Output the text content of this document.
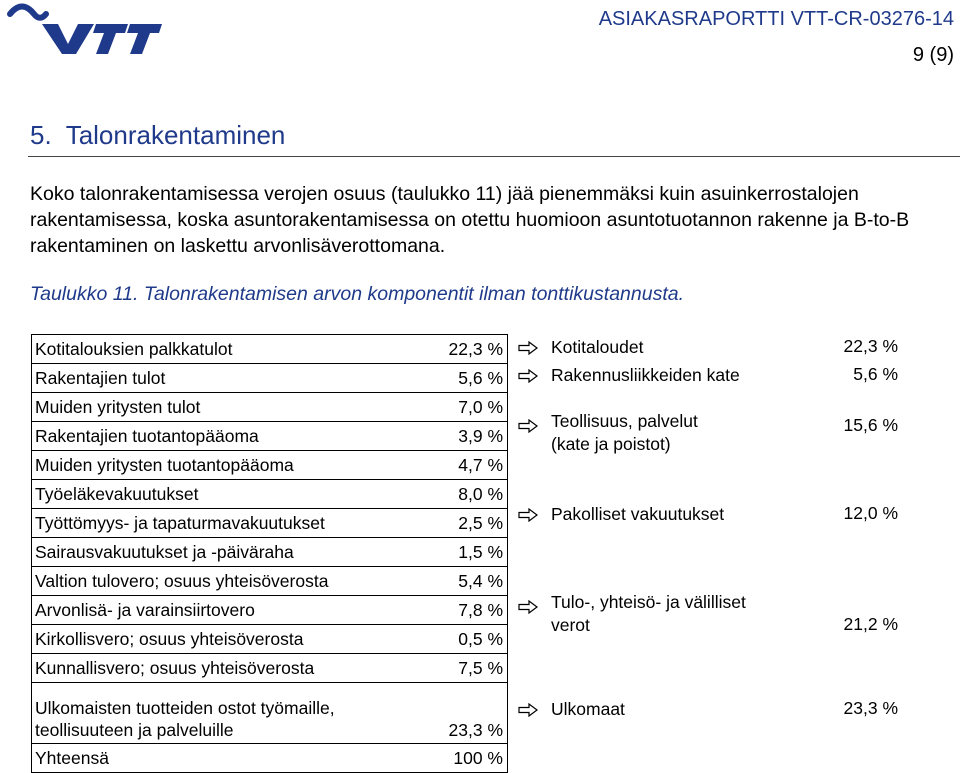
ASIAKASRAPORTTI VTT-CR-03276-14
9 (9)
5. Talonrakentaminen

Koko talonrakentamisessa verojen osuus (taulukko 11) jää pienemmäksi kuin asuinkerrostalojen rakentamisessa, koska asuntorakentamisessa on otettu huomioon asuntotuotannon rakenne ja B-to-B rakentaminen on laskettu arvonlisäverottomana.

Taulukko 11. Talonrakentamisen arvon komponentit ilman tonttikustannusta.

Kotitalouksien palkkatulot	22,3 %
Rakentajien tulot	5,6 %
Muiden yritysten tulot	7,0 %
Rakentajien tuotantopääoma	3,9 %
Muiden yritysten tuotantopääoma	4,7 %
Työeläkevakuutukset	8,0 %
Työttömyys- ja tapaturmavakuutukset	2,5 %
Sairausvakuutukset ja -päiväraha	1,5 %
Valtion tulovero; osuus yhteisöverosta	5,4 %
Arvonlisä- ja varainsiirtovero	7,8 %
Kirkollisvero; osuus yhteisöverosta	0,5 %
Kunnallisvero; osuus yhteisöverosta	7,5 %
Ulkomaisten tuotteiden ostot työmaille, teollisuuteen ja palveluille	23,3 %
Yhteensä	100 %
Kotitaloudet	22,3 %
Rakennusliikkeiden kate	5,6 %
Teollisuus, palvelut
(kate ja poistot)
15,6 %
Pakolliset vakuutukset	12,0 %
Tulo-, yhteisö- ja välilliset
verot	21,2 %
Ulkomaat	23,3 %
